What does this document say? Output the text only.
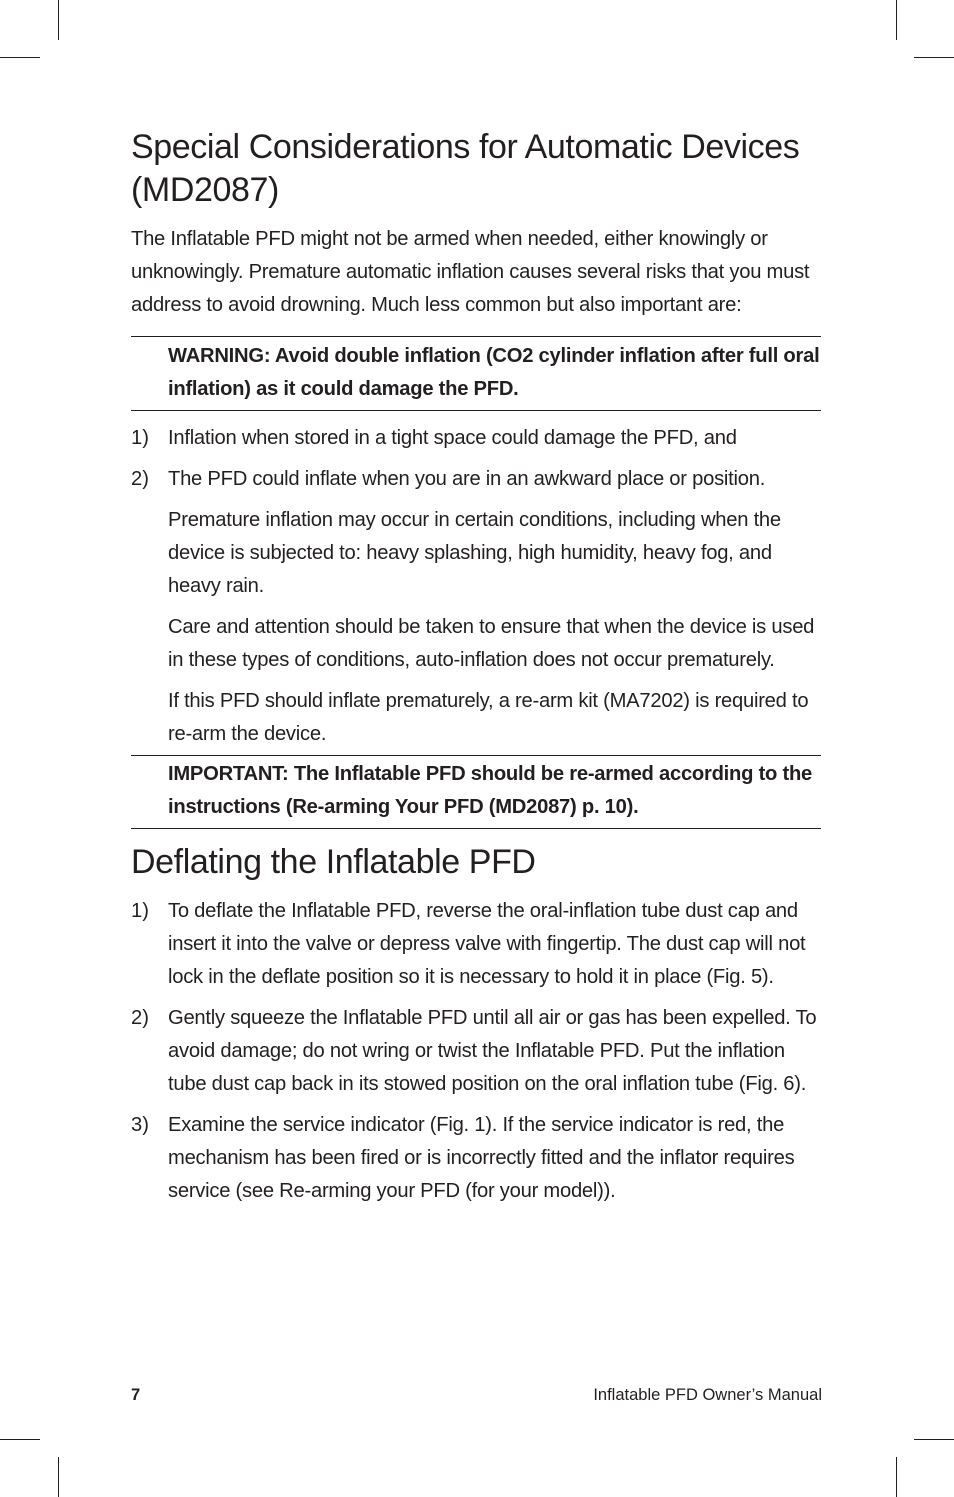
Special Considerations for Automatic Devices (MD2087)

The Inflatable PFD might not be armed when needed, either knowingly or unknowingly. Premature automatic inflation causes several risks that you must address to avoid drowning. Much less common but also important are:

WARNING: Avoid double inflation (CO2 cylinder inflation after full oral inflation) as it could damage the PFD.

1) Inflation when stored in a tight space could damage the PFD, and
2) The PFD could inflate when you are in an awkward place or position.

Premature inflation may occur in certain conditions, including when the device is subjected to: heavy splashing, high humidity, heavy fog, and heavy rain.

Care and attention should be taken to ensure that when the device is used in these types of conditions, auto-inflation does not occur prematurely.

If this PFD should inflate prematurely, a re-arm kit (MA7202) is required to re-arm the device.

IMPORTANT: The Inflatable PFD should be re-armed according to the instructions (Re-arming Your PFD (MD2087) p. 10).

Deflating the Inflatable PFD
1) To deflate the Inflatable PFD, reverse the oral-inflation tube dust cap and insert it into the valve or depress valve with fingertip. The dust cap will not lock in the deflate position so it is necessary to hold it in place (Fig. 5).
2) Gently squeeze the Inflatable PFD until all air or gas has been expelled. To avoid damage; do not wring or twist the Inflatable PFD. Put the inflation tube dust cap back in its stowed position on the oral inflation tube (Fig. 6).
3) Examine the service indicator (Fig. 1). If the service indicator is red, the mechanism has been fired or is incorrectly fitted and the inflator requires service (see Re-arming your PFD (for your model)).
7	Inflatable PFD Owner’s Manual
